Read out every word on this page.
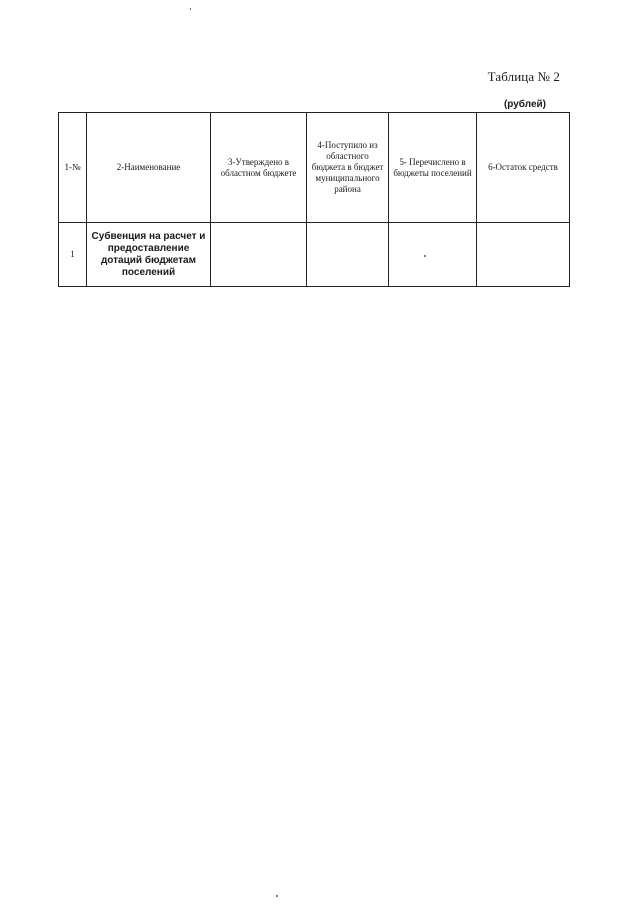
Таблица № 2
(рублей)
1-№	2-Наименование	3-Утверждено в областном бюджете	4-Поступило из областного бюджета в бюджет муниципального района	5- Перечислено в бюджеты поселений	6-Остаток средств
1	Субвенция на расчет и предоставление дотаций бюджетам поселений				
